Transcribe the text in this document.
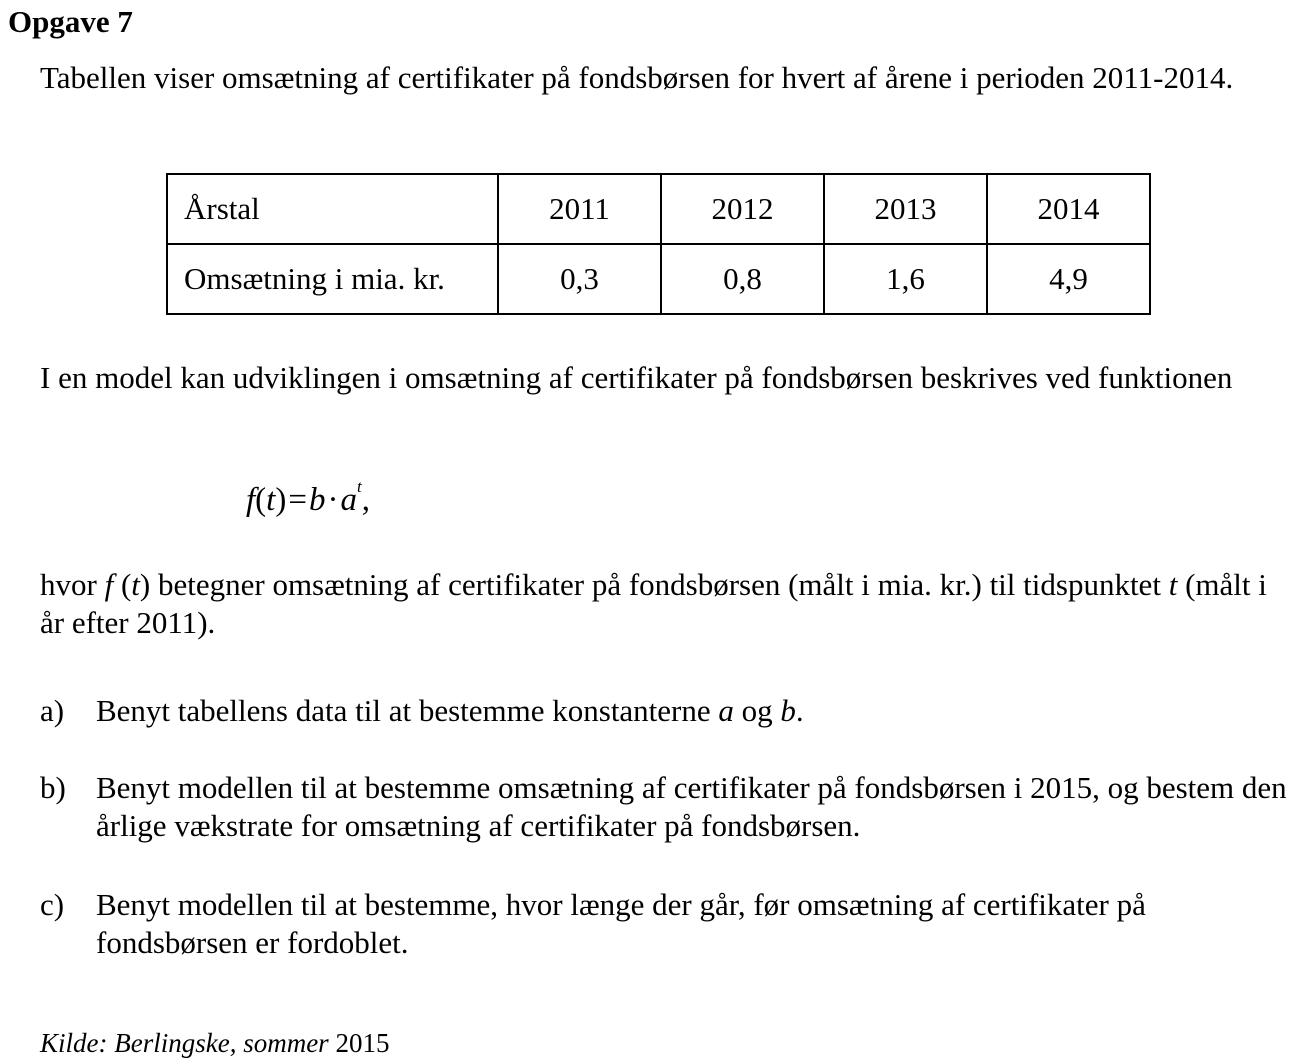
Opgave 7
Tabellen viser omsætning af certifikater på fondsbørsen for hvert af årene i perioden 2011-2014.
Årstal	2011	2012	2013	2014
Omsætning i mia. kr.	0,3	0,8	1,6	4,9
I en model kan udviklingen i omsætning af certifikater på fondsbørsen beskrives ved funktionen
$f(t)=b\cdot a^t$,
hvor f (t) betegner omsætning af certifikater på fondsbørsen (målt i mia. kr.) til tidspunktet t (målt i år efter 2011).
a) Benyt tabellens data til at bestemme konstanterne a og b.
b) Benyt modellen til at bestemme omsætning af certifikater på fondsbørsen i 2015, og bestem den årlige vækstrate for omsætning af certifikater på fondsbørsen.
c) Benyt modellen til at bestemme, hvor længe der går, før omsætning af certifikater på fondsbørsen er fordoblet.
Kilde: Berlingske, sommer 2015
